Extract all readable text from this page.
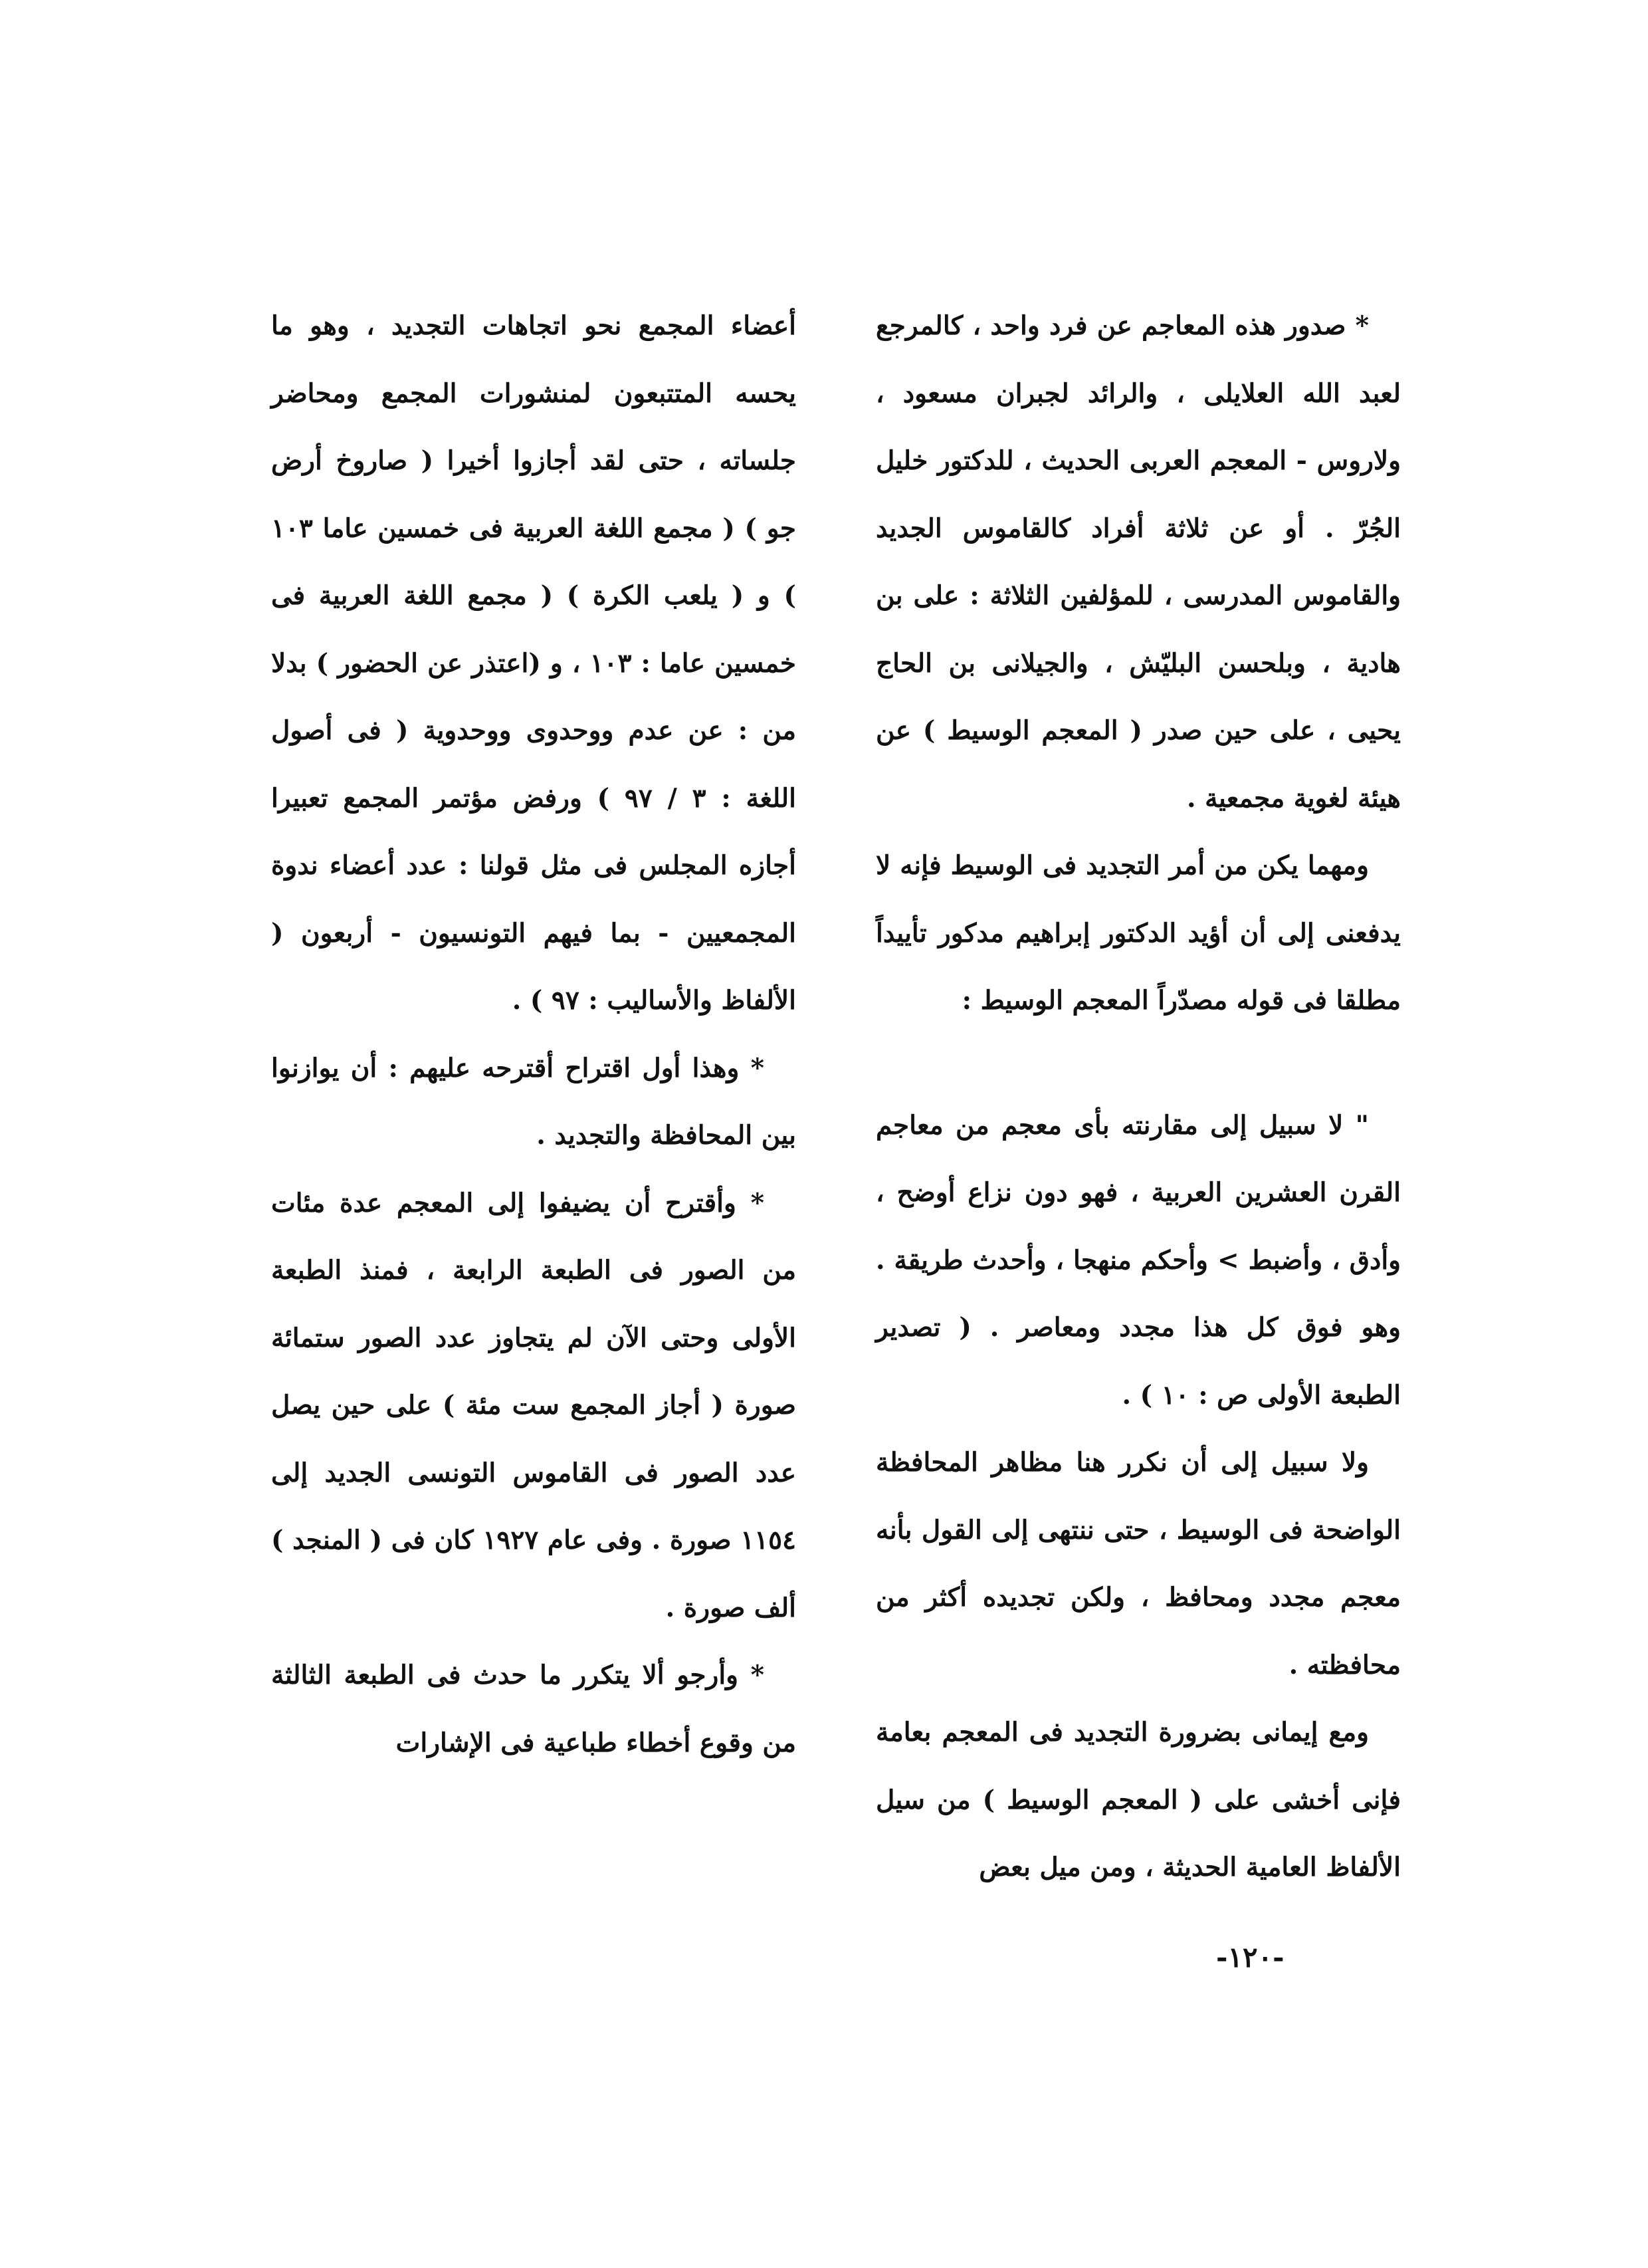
* صدور هذه المعاجم عن فرد واحد ، كالمرجع لعبد الله العلايلى ، والرائد لجبران مسعود ، ولاروس - المعجم العربى الحديث ، للدكتور خليل الجُرّ . أو عن ثلاثة أفراد كالقاموس الجديد والقاموس المدرسى ، للمؤلفين الثلاثة : على بن هادية ، وبلحسن البليّش ، والجيلانى بن الحاج يحيى ، على حين صدر ( المعجم الوسيط ) عن هيئة لغوية مجمعية .

ومهما يكن من أمر التجديد فى الوسيط فإنه لا يدفعنى إلى أن أؤيد الدكتور إبراهيم مدكور تأييداً مطلقا فى قوله مصدّراً المعجم الوسيط :

" لا سبيل إلى مقارنته بأى معجم من معاجم القرن العشرين العربية ، فهو دون نزاع أوضح ، وأدق ، وأضبط > وأحكم منهجا ، وأحدث طريقة . وهو فوق كل هذا مجدد ومعاصر . ( تصدير الطبعة الأولى ص : ١٠ ) .

ولا سبيل إلى أن نكرر هنا مظاهر المحافظة الواضحة فى الوسيط ، حتى ننتهى إلى القول بأنه معجم مجدد ومحافظ ، ولكن تجديده أكثر من محافظته .

ومع إيمانى بضرورة التجديد فى المعجم بعامة فإنى أخشى على ( المعجم الوسيط ) من سيل الألفاظ العامية الحديثة ، ومن ميل بعض

أعضاء المجمع نحو اتجاهات التجديد ، وهو ما يحسه المتتبعون لمنشورات المجمع ومحاضر جلساته ، حتى لقد أجازوا أخيرا ( صاروخ أرض جو ) ( مجمع اللغة العربية فى خمسين عاما ١٠٣ ) و ( يلعب الكرة ) ( مجمع اللغة العربية فى خمسين عاما : ١٠٣ ، و (اعتذر عن الحضور ) بدلا من : عن عدم ووحدوى ووحدوية ( فى أصول اللغة : ٣ / ٩٧ ) ورفض مؤتمر المجمع تعبيرا أجازه المجلس فى مثل قولنا : عدد أعضاء ندوة المجمعيين - بما فيهم التونسيون - أربعون ( الألفاظ والأساليب : ٩٧ ) .

* وهذا أول اقتراح أقترحه عليهم : أن يوازنوا بين المحافظة والتجديد .

* وأقترح أن يضيفوا إلى المعجم عدة مئات من الصور فى الطبعة الرابعة ، فمنذ الطبعة الأولى وحتى الآن لم يتجاوز عدد الصور ستمائة صورة ( أجاز المجمع ست مئة ) على حين يصل عدد الصور فى القاموس التونسى الجديد إلى ١١٥٤ صورة . وفى عام ١٩٢٧ كان فى ( المنجد ) ألف صورة .

* وأرجو ألا يتكرر ما حدث فى الطبعة الثالثة من وقوع أخطاء طباعية فى الإشارات

-١٢٠-
